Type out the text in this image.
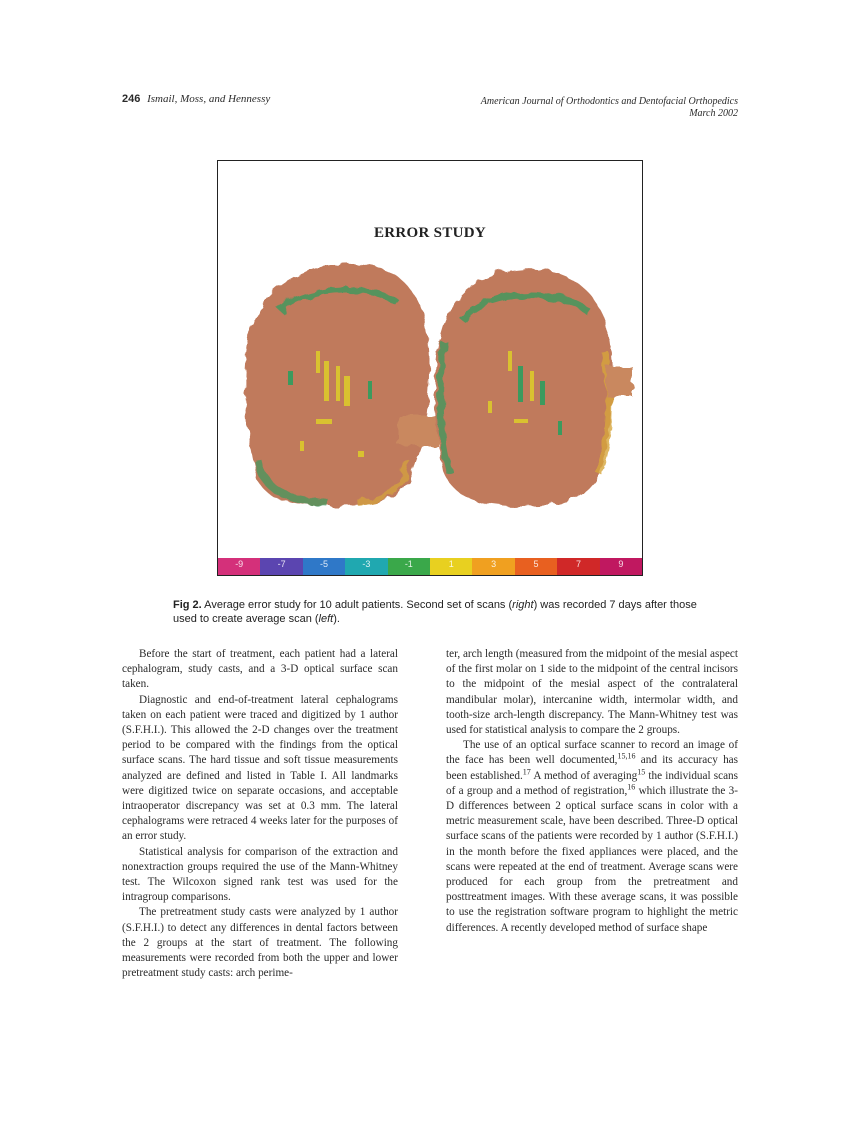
246 Ismail, Moss, and Hennessy	American Journal of Orthodontics and Dentofacial Orthopedics
March 2002
ERROR STUDY
-9	-7	-5	-3	-1	1	3	5	7	9
Fig 2. Average error study for 10 adult patients. Second set of scans (right) was recorded 7 days after those used to create average scan (left).

Before the start of treatment, each patient had a lateral cephalogram, study casts, and a 3-D optical surface scan taken.

Diagnostic and end-of-treatment lateral cephalograms taken on each patient were traced and digitized by 1 author (S.F.H.I.). This allowed the 2-D changes over the treatment period to be compared with the findings from the optical surface scans. The hard tissue and soft tissue measurements analyzed are defined and listed in Table I. All landmarks were digitized twice on separate occasions, and acceptable intraoperator discrepancy was set at 0.3 mm. The lateral cephalograms were retraced 4 weeks later for the purposes of an error study.

Statistical analysis for comparison of the extraction and nonextraction groups required the use of the Mann-Whitney test. The Wilcoxon signed rank test was used for the intragroup comparisons.

The pretreatment study casts were analyzed by 1 author (S.F.H.I.) to detect any differences in dental factors between the 2 groups at the start of treatment. The following measurements were recorded from both the upper and lower pretreatment study casts: arch perime-

ter, arch length (measured from the midpoint of the mesial aspect of the first molar on 1 side to the midpoint of the central incisors to the midpoint of the mesial aspect of the contralateral mandibular molar), intercanine width, intermolar width, and tooth-size arch-length discrepancy. The Mann-Whitney test was used for statistical analysis to compare the 2 groups.

The use of an optical surface scanner to record an image of the face has been well documented,$^{15,16}$ and its accuracy has been established.$^{17}$ A method of averaging$^{15}$ the individual scans of a group and a method of registration,$^{16}$ which illustrate the 3-D differences between 2 optical surface scans in color with a metric measurement scale, have been described. Three-D optical surface scans of the patients were recorded by 1 author (S.F.H.I.) in the month before the fixed appliances were placed, and the scans were repeated at the end of treatment. Average scans were produced for each group from the pretreatment and posttreatment images. With these average scans, it was possible to use the registration software program to highlight the metric differences. A recently developed method of surface shape
